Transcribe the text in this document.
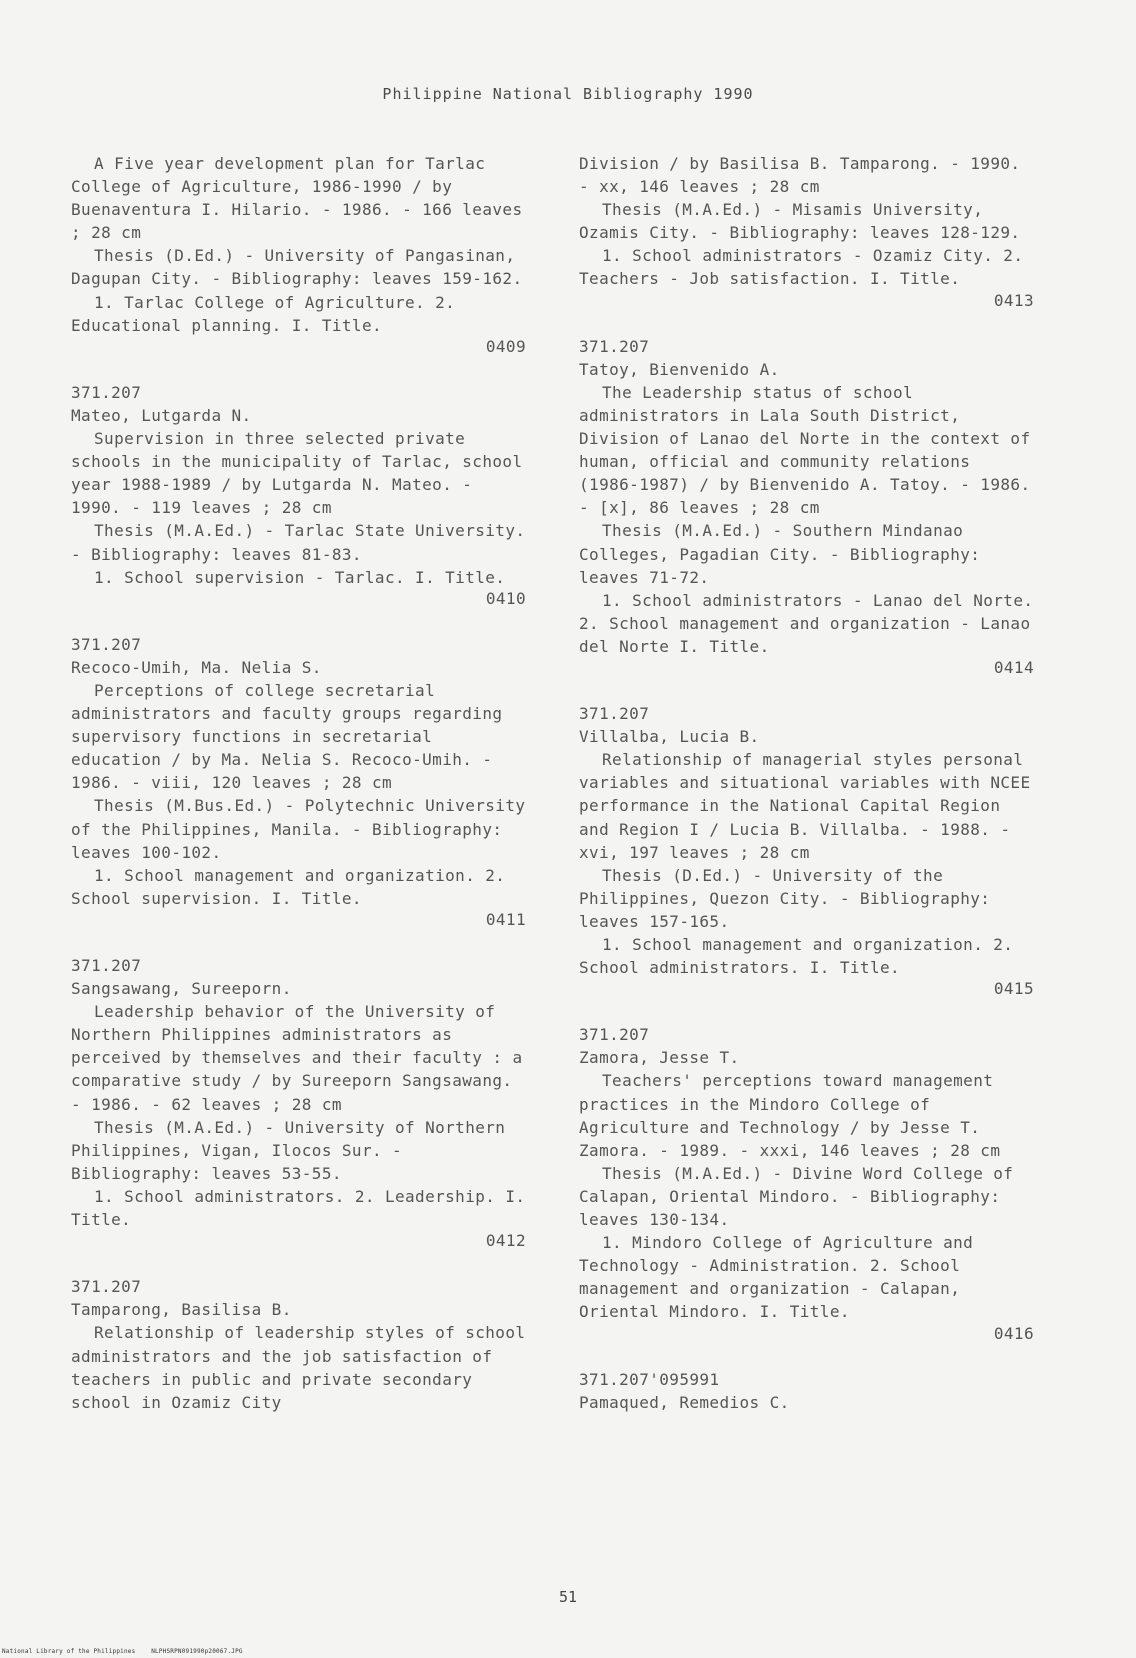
Philippine National Bibliography 1990

A Five year development plan for Tarlac College of Agriculture, 1986-1990 / by Buenaventura I. Hilario. - 1986. - 166 leaves ; 28 cm

Thesis (D.Ed.) - University of Pangasinan, Dagupan City. - Bibliography: leaves 159-162.

1. Tarlac College of Agriculture. 2. Educational planning. I. Title.

0409

371.207

Mateo, Lutgarda N.

Supervision in three selected private schools in the municipality of Tarlac, school year 1988-1989 / by Lutgarda N. Mateo. - 1990. - 119 leaves ; 28 cm

Thesis (M.A.Ed.) - Tarlac State University. - Bibliography: leaves 81-83.

1. School supervision - Tarlac. I. Title.

0410

371.207

Recoco-Umih, Ma. Nelia S.

Perceptions of college secretarial administrators and faculty groups regarding supervisory functions in secretarial education / by Ma. Nelia S. Recoco-Umih. - 1986. - viii, 120 leaves ; 28 cm

Thesis (M.Bus.Ed.) - Polytechnic University of the Philippines, Manila. - Bibliography: leaves 100-102.

1. School management and organization. 2. School supervision. I. Title.

0411

371.207

Sangsawang, Sureeporn.

Leadership behavior of the University of Northern Philippines administrators as perceived by themselves and their faculty : a comparative study / by Sureeporn Sangsawang. - 1986. - 62 leaves ; 28 cm

Thesis (M.A.Ed.) - University of Northern Philippines, Vigan, Ilocos Sur. - Bibliography: leaves 53-55.

1. School administrators. 2. Leadership. I. Title.

0412

371.207

Tamparong, Basilisa B.

Relationship of leadership styles of school administrators and the job satisfaction of teachers in public and private secondary school in Ozamiz City

Division / by Basilisa B. Tamparong. - 1990. - xx, 146 leaves ; 28 cm

Thesis (M.A.Ed.) - Misamis University, Ozamis City. - Bibliography: leaves 128-129.

1. School administrators - Ozamiz City. 2. Teachers - Job satisfaction. I. Title.

0413

371.207

Tatoy, Bienvenido A.

The Leadership status of school administrators in Lala South District, Division of Lanao del Norte in the context of human, official and community relations (1986-1987) / by Bienvenido A. Tatoy. - 1986. - [x], 86 leaves ; 28 cm

Thesis (M.A.Ed.) - Southern Mindanao Colleges, Pagadian City. - Bibliography: leaves 71-72.

1. School administrators - Lanao del Norte. 2. School management and organization - Lanao del Norte I. Title.

0414

371.207

Villalba, Lucia B.

Relationship of managerial styles personal variables and situational variables with NCEE performance in the National Capital Region and Region I / Lucia B. Villalba. - 1988. - xvi, 197 leaves ; 28 cm

Thesis (D.Ed.) - University of the Philippines, Quezon City. - Bibliography: leaves 157-165.

1. School management and organization. 2. School administrators. I. Title.

0415

371.207

Zamora, Jesse T.

Teachers' perceptions toward management practices in the Mindoro College of Agriculture and Technology / by Jesse T. Zamora. - 1989. - xxxi, 146 leaves ; 28 cm

Thesis (M.A.Ed.) - Divine Word College of Calapan, Oriental Mindoro. - Bibliography: leaves 130-134.

1. Mindoro College of Agriculture and Technology - Administration. 2. School management and organization - Calapan, Oriental Mindoro. I. Title.

0416

371.207'095991

Pamaqued, Remedios C.

51
National Library of the Philippines	NLPHSRPN091990p20067.JPG
